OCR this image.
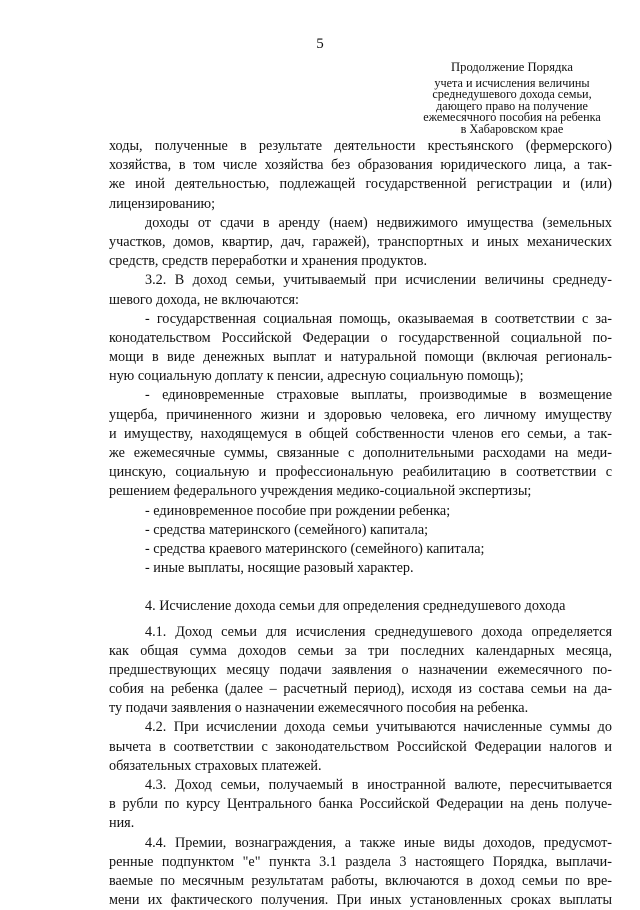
5
Продолжение Порядка
учета и исчисления величины
среднедушевого дохода семьи,
дающего право на получение
ежемесячного пособия на ребенка
в Хабаровском крае
ходы, полученные в результате деятельности крестьянского (фермерского)
хозяйства, в том числе хозяйства без образования юридического лица, а так-
же иной деятельностью, подлежащей государственной регистрации и (или)
лицензированию;
доходы от сдачи в аренду (наем) недвижимого имущества (земельных
участков, домов, квартир, дач, гаражей), транспортных и иных механических
средств, средств переработки и хранения продуктов.
3.2. В доход семьи, учитываемый при исчислении величины среднеду-
шевого дохода, не включаются:
- государственная социальная помощь, оказываемая в соответствии с за-
конодательством Российской Федерации о государственной социальной по-
мощи в виде денежных выплат и натуральной помощи (включая региональ-
ную социальную доплату к пенсии, адресную социальную помощь);
- единовременные страховые выплаты, производимые в возмещение
ущерба, причиненного жизни и здоровью человека, его личному имуществу
и имуществу, находящемуся в общей собственности членов его семьи, а так-
же ежемесячные суммы, связанные с дополнительными расходами на меди-
цинскую, социальную и профессиональную реабилитацию в соответствии с
решением федерального учреждения медико-социальной экспертизы;
- единовременное пособие при рождении ребенка;
- средства материнского (семейного) капитала;
- средства краевого материнского (семейного) капитала;
- иные выплаты, носящие разовый характер.
4. Исчисление дохода семьи для определения среднедушевого дохода
4.1. Доход семьи для исчисления среднедушевого дохода определяется
как общая сумма доходов семьи за три последних календарных месяца,
предшествующих месяцу подачи заявления о назначении ежемесячного по-
собия на ребенка (далее – расчетный период), исходя из состава семьи на да-
ту подачи заявления о назначении ежемесячного пособия на ребенка.
4.2. При исчислении дохода семьи учитываются начисленные суммы до
вычета в соответствии с законодательством Российской Федерации налогов и
обязательных страховых платежей.
4.3. Доход семьи, получаемый в иностранной валюте, пересчитывается
в рубли по курсу Центрального банка Российской Федерации на день получе-
ния.
4.4. Премии, вознаграждения, а также иные виды доходов, предусмот-
ренные подпунктом "е" пункта 3.1 раздела 3 настоящего Порядка, выплачи-
ваемые по месячным результатам работы, включаются в доход семьи по вре-
мени их фактического получения. При иных установленных сроках выплаты
